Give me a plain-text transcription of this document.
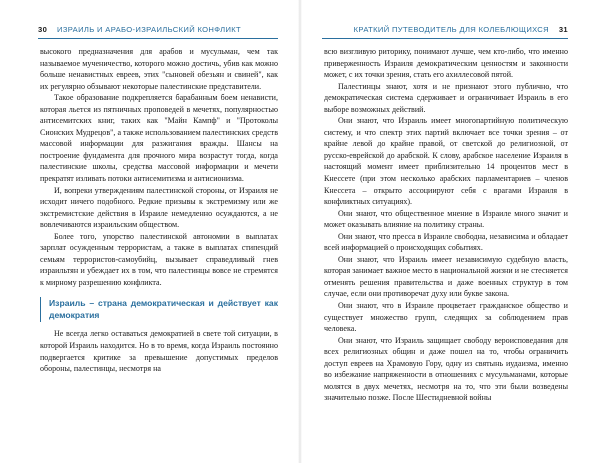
30 ИЗРАИЛЬ И АРАБО-ИЗРАИЛЬСКИЙ КОНФЛИКТ

высокого предназначения для арабов и мусульман, чем так называемое мученичество, которого можно достичь, убив как можно больше ненавистных евреев, этих "сыновей обезьян и свиней", как их регулярно обзывают некоторые палестинские представители.

Такое образование подкрепляется барабанным боем ненависти, которая льется из пятничных проповедей в мечетях, популярностью антисемитских книг, таких как "Майн Кампф" и "Протоколы Сионских Мудрецов", а также использованием палестинских средств массовой информации для разжигания вражды. Шансы на построение фундамента для прочного мира возрастут тогда, когда палестинские школы, средства массовой информации и мечети прекратят изливать потоки антисемитизма и антисионизма.

И, вопреки утверждениям палестинской стороны, от Израиля не исходит ничего подобного. Редкие призывы к экстремизму или же экстремистские действия в Израиле немедленно осуждаются, а не вовлечиваются израильским обществом.

Более того, упорство палестинской автономии в выплатах зарплат осужденным террористам, а также в выплатах стипендий семьям террористов-самоубийц, вызывает справедливый гнев израильтян и убеждает их в том, что палестинцы вовсе не стремятся к мирному разрешению конфликта.

Израиль – страна демократическая и действует как демократия

Не всегда легко оставаться демократией в свете той ситуации, в которой Израиль находится. Но в то время, когда Израиль постоянно подвергается критике за превышение допустимых пределов обороны, палестинцы, несмотря на

КРАТКИЙ ПУТЕВОДИТЕЛЬ ДЛЯ КОЛЕБЛЮЩИХСЯ 31

всю визгливую риторику, понимают лучше, чем кто-либо, что именно приверженность Израиля демократическим ценностям и законности может, с их точки зрения, стать его ахиллесовой пятой.

Палестинцы знают, хотя и не признают этого публично, что демократическая система сдерживает и ограничивает Израиль в его выборе возможных действий.

Они знают, что Израиль имеет многопартийную политическую систему, и что спектр этих партий включает все точки зрения – от крайне левой до крайне правой, от светской до религиозной, от русско-еврейской до арабской. К слову, арабское население Израиля в настоящий момент имеет приблизительно 14 процентов мест в Кнессете (при этом несколько арабских парламентариев – членов Кнессета – открыто ассоциируют себя с врагами Израиля в конфликтных ситуациях).

Они знают, что общественное мнение в Израиле много значит и может оказывать влияние на политику страны.

Они знают, что пресса в Израиле свободна, независима и обладает всей информацией о происходящих событиях.

Они знают, что Израиль имеет независимую судебную власть, которая занимает важное место в национальной жизни и не стесняется отменять решения правительства и даже военных структур в том случае, если они противоречат духу или букве закона.

Они знают, что в Израиле процветает гражданское общество и существует множество групп, следящих за соблюдением прав человека.

Они знают, что Израиль защищает свободу вероисповедания для всех религиозных общин и даже пошел на то, чтобы ограничить доступ евреев на Храмовую Гору, одну из святынь иудаизма, именно во избежание напряженности в отношениях с мусульманами, которые молятся в двух мечетях, несмотря на то, что эти были возведены значительно позже. После Шестидневной войны
